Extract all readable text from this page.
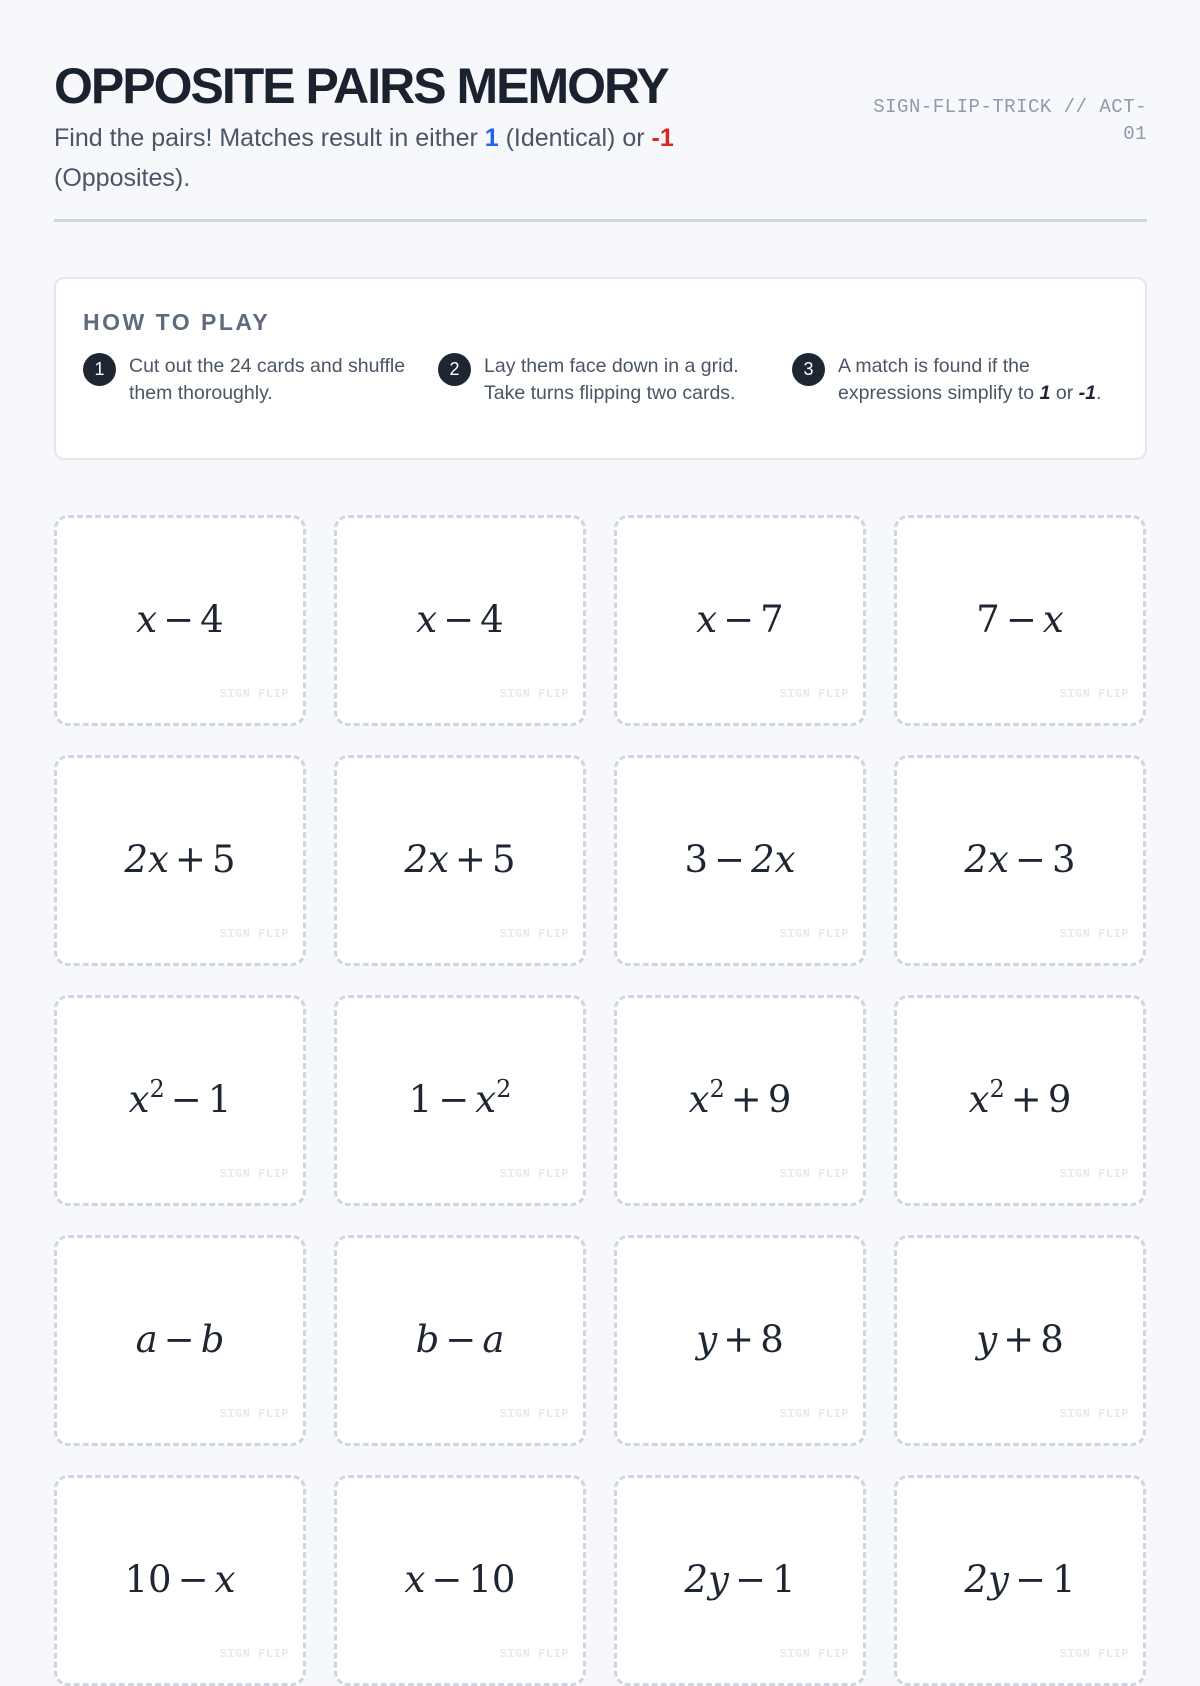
OPPOSITE PAIRS MEMORY

Find the pairs! Matches result in either 1 (Identical) or -1 (Opposites).

SIGN-FLIP-TRICK // ACT-
01
HOW TO PLAY
1	Cut out the 24 cards and shuffle them thoroughly.
2	Lay them face down in a grid. Take turns flipping two cards.
3	A match is found if the expressions simplify to 1 or -1.
x − 4
SIGN FLIP
x − 4
SIGN FLIP
x − 7
SIGN FLIP
7 − x
SIGN FLIP
2x + 5
SIGN FLIP
2x + 5
SIGN FLIP
3 − 2x
SIGN FLIP
2x − 3
SIGN FLIP
$x^2 - 1$
SIGN FLIP
$1 - x^2$
SIGN FLIP
$x^2 + 9$
SIGN FLIP
$x^2 + 9$
SIGN FLIP
a − b
SIGN FLIP
b − a
SIGN FLIP
y + 8
SIGN FLIP
y + 8
SIGN FLIP
10 − x
SIGN FLIP
x − 10
SIGN FLIP
2y − 1
SIGN FLIP
2y − 1
SIGN FLIP
